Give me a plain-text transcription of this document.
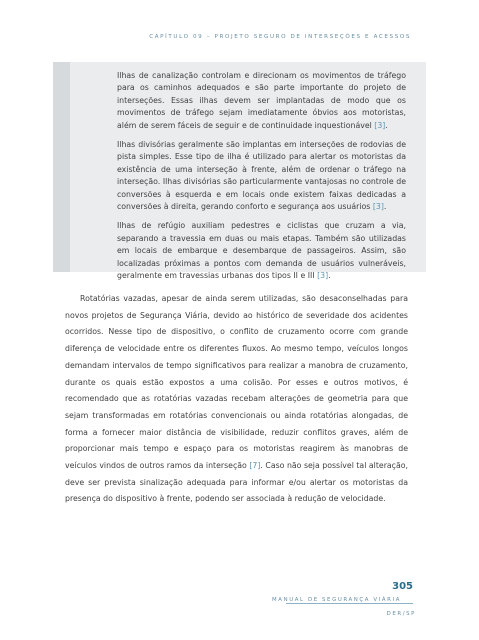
CAPÍTULO 09 – PROJETO SEGURO DE INTERSEÇÕES E ACESSOS

Ilhas de canalização controlam e direcionam os movimentos de tráfego para os caminhos adequados e são parte importante do projeto de interseções. Essas ilhas devem ser implantadas de modo que os movimentos de tráfego sejam imediatamente óbvios aos motoristas, além de serem fáceis de seguir e de continuidade inquestionável [3].

Ilhas divisórias geralmente são implantas em interseções de rodovias de pista simples. Esse tipo de ilha é utilizado para alertar os motoristas da existência de uma interseção à frente, além de ordenar o tráfego na interseção. Ilhas divisórias são particularmente vantajosas no controle de conversões à esquerda e em locais onde existem faixas dedicadas a conversões à direita, gerando conforto e segurança aos usuários [3].

Ilhas de refúgio auxiliam pedestres e ciclistas que cruzam a via, separando a travessia em duas ou mais etapas. Também são utilizadas em locais de embarque e desembarque de passageiros. Assim, são localizadas próximas a pontos com demanda de usuários vulneráveis, geralmente em travessias urbanas dos tipos II e III [3].

Rotatórias vazadas, apesar de ainda serem utilizadas, são desaconselhadas para novos projetos de Segurança Viária, devido ao histórico de severidade dos acidentes ocorridos. Nesse tipo de dispositivo, o conflito de cruzamento ocorre com grande diferença de velocidade entre os diferentes fluxos. Ao mesmo tempo, veículos longos demandam intervalos de tempo significativos para realizar a manobra de cruzamento, durante os quais estão expostos a uma colisão. Por esses e outros motivos, é recomendado que as rotatórias vazadas recebam alterações de geometria para que sejam transformadas em rotatórias convencionais ou ainda rotatórias alongadas, de forma a fornecer maior distância de visibilidade, reduzir conflitos graves, além de proporcionar mais tempo e espaço para os motoristas reagirem às manobras de veículos vindos de outros ramos da interseção [7]. Caso não seja possível tal alteração, deve ser prevista sinalização adequada para informar e/ou alertar os motoristas da presença do dispositivo à frente, podendo ser associada à redução de velocidade.

305
MANUAL DE SEGURANÇA VIÁRIA
DER/SP
